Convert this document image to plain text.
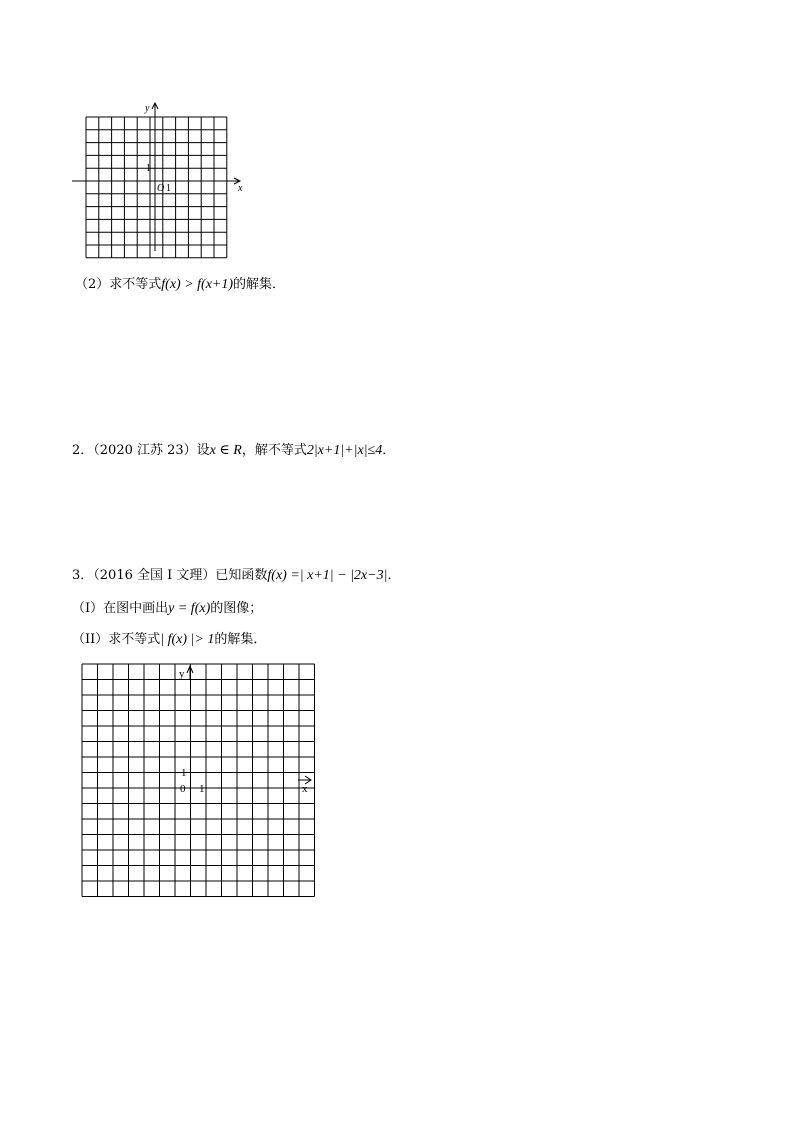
y
x
1
O 1
（2）求不等式f(x) > f(x+1)的解集．
2．（2020 江苏 23）设x ∈ R，解不等式2|x+1|+|x|≤4．
3．（2016 全国 I 文理）已知函数f(x) =| x+1| − |2x−3|．
（I）在图中画出y = f(x)的图像；
（II）求不等式| f(x) |> 1的解集．
y
x
1
0 1
